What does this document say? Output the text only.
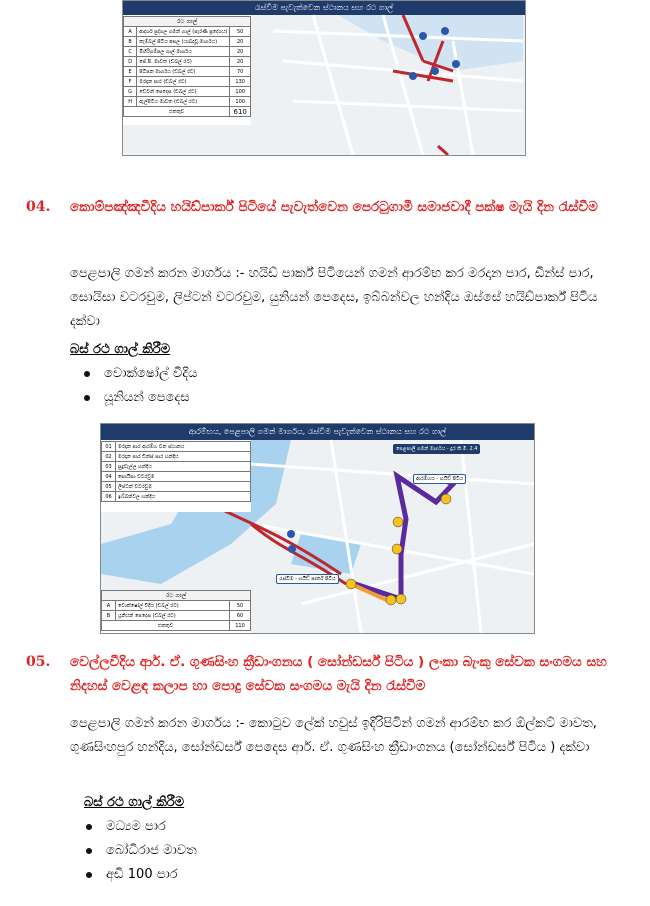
රැස්වීම පැවැත්වෙන ස්ථානය සහ රථ ගාල්
රථ ගාල්		
A	ආදර්ශ පුද්ගල ගමන් ගාල් (පැරණි ප්‍රදේශය)	50
B	කැම්බල් පිටිය අසල (යාබදවූ මාර්ගය)	20
C	මිහිරිගම්පල ගාල් මාර්ගය	20
D	ජේ.පී. මාවත (ඩබල් රට)	20
E	පිටිපන මාර්ගය (ඩබල් රට)	70
F	මරදාන පාර (ඩබල් රට)	130
G	ඩෙවන් පෙදෙස (ඩබල් රට)	100
H	ඇල්පිටිය මාවත (ඩබල් රට)	100
එකතුව		610
04. කොම්පඤ්ඤවීදිය හයිඩ්පාර්ක් පිටියේ පැවැත්වෙන පෙරටුගාමී සමාජවාදී පක්ෂ මැයි දින රැස්වීම
පෙළපාලි ගමන් කරන මාර්ගය :- හයිඩ් පාර්ක් පිටියෙන් ගමන් ආරම්භ කර මරදාන පාර, ඩීන්ස් පාර, සොයිසා වටරවුම, ලිප්ටන් වටරවුම, යුනියන් පෙදෙස, ඉබ්බන්වල හන්දිය ඔස්සේ හයිඩ්පාර්ක් පිටිය දක්වා
බස් රථ ගාල් කිරීම
වොක්ෂෝල් වීදිය
යූනියන් පෙදෙස
ආරම්භය, පෙළපාලි ගමන් මාර්ගය, රැස්වීම පැවැත්වෙන ස්ථානය සහ රථ ගාල්
01	මරදාන පාර ආරම්භ වන ස්ථානය
02	මරදාන පාර ඩීන්ස් පාර හන්දිය
03	සුදුවැල්ල හන්දිය
04	සොයිසා වටරවුම
05	ලිප්ටන් වටරවුම
06	ඉබ්බන්වල හන්දිය
පෙළපාලි ගමන් මාර්ගය - දුර කි.මී. 2.4
ආරම්භය - හයිඩ් පිටිය
රැස්වීම - හයිඩ් පාර්ක් පිටිය
රථ ගාල්		
A	වොක්ෂෝල් වීදිය (ඩබල් රට)	50
B	යූනියන් පෙදෙස (ඩබල් රට)	60
එකතුව		110
05. වෙල්ලවීදිය ආර්. ඒ. ගුණසිංහ ක්‍රීඩාංගනය ( සෝන්ඩර්ස් පිටිය ) ලංකා බැංකු සේවක සංගමය සහ නිදහස් වෙළඳ කලාප හා පොදු සේවක සංගමය මැයි දින රැස්වීම
පෙළපාලි ගමන් කරන මාර්ගය :- කොටුව ලේක් හවුස් ඉදිරිපිටින් ගමන් ආරම්භ කර ඕල්කට් මාවත, ගුණසිංහපුර හන්දිය, සෝන්ඩර්ස් පෙදෙස ආර්. ඒ. ගුණසිංහ ක්‍රීඩාංගනය (සෝන්ඩර්ස් පිටිය ) දක්වා
බස් රථ ගාල් කිරීම
මධ්‍යම පාර
බෝධිරාජ මාවත
අඩි 100 පාර
